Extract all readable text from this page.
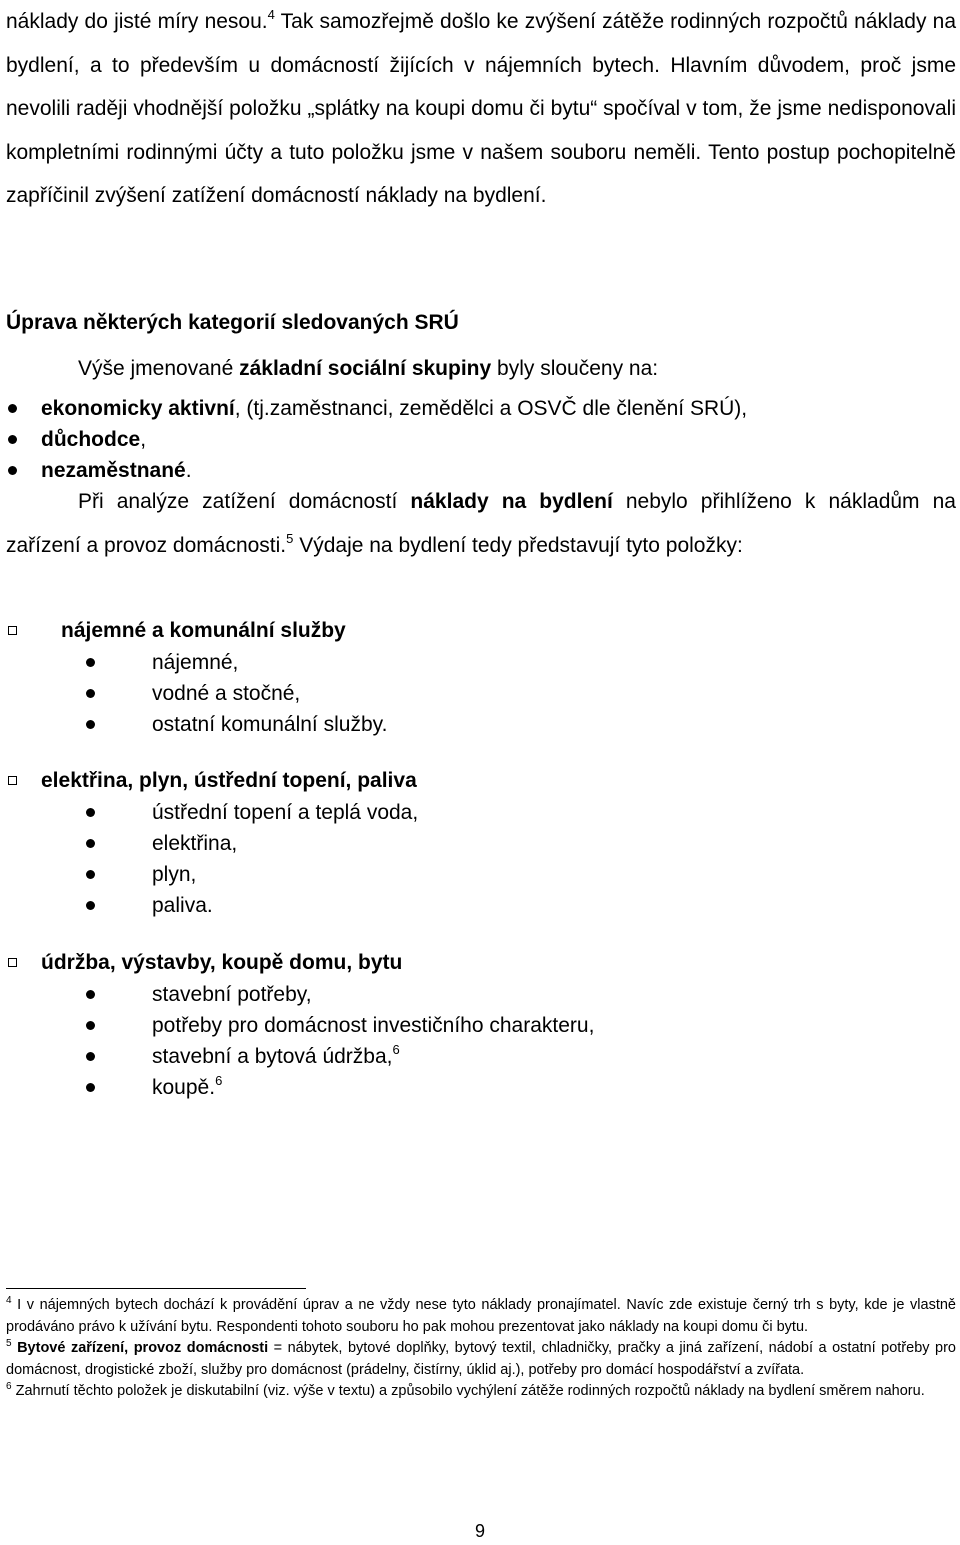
náklady do jisté míry nesou.$^4$ Tak samozřejmě došlo ke zvýšení zátěže rodinných rozpočtů náklady na bydlení, a to především u domácností žijících v nájemních bytech. Hlavním důvodem, proč jsme nevolili raději vhodnější položku „splátky na koupi domu či bytu“ spočíval v tom, že jsme nedisponovali kompletními rodinnými účty a tuto položku jsme v našem souboru neměli. Tento postup pochopitelně zapříčinil zvýšení zatížení domácností náklady na bydlení.

Úprava některých kategorií sledovaných SRÚ

Výše jmenované základní sociální skupiny byly sloučeny na:

ekonomicky aktivní, (tj.zaměstnanci, zemědělci a OSVČ dle členění SRÚ),
důchodce,
nezaměstnané.

Při analýze zatížení domácností náklady na bydlení nebylo přihlíženo k nákladům na zařízení a provoz domácnosti.$^5$ Výdaje na bydlení tedy představují tyto položky:

nájemné a komunální služby

nájemné,
vodné a stočné,
ostatní komunální služby.

elektřina, plyn, ústřední topení, paliva

ústřední topení a teplá voda,
elektřina,
plyn,
paliva.

údržba, výstavby, koupě domu, bytu

stavební potřeby,
potřeby pro domácnost investičního charakteru,
stavební a bytová údržba,$^6$
koupě.$^6$

$^4$ I v nájemných bytech dochází k provádění úprav a ne vždy nese tyto náklady pronajímatel. Navíc zde existuje černý trh s byty, kde je vlastně prodáváno právo k užívání bytu. Respondenti tohoto souboru ho pak mohou prezentovat jako náklady na koupi domu či bytu.

$^5$ Bytové zařízení, provoz domácnosti = nábytek, bytové doplňky, bytový textil, chladničky, pračky a jiná zařízení, nádobí a ostatní potřeby pro domácnost, drogistické zboží, služby pro domácnost (prádelny, čistírny, úklid aj.), potřeby pro domácí hospodářství a zvířata.

$^6$ Zahrnutí těchto položek je diskutabilní (viz. výše v textu) a způsobilo vychýlení zátěže rodinných rozpočtů náklady na bydlení směrem nahoru.

9
